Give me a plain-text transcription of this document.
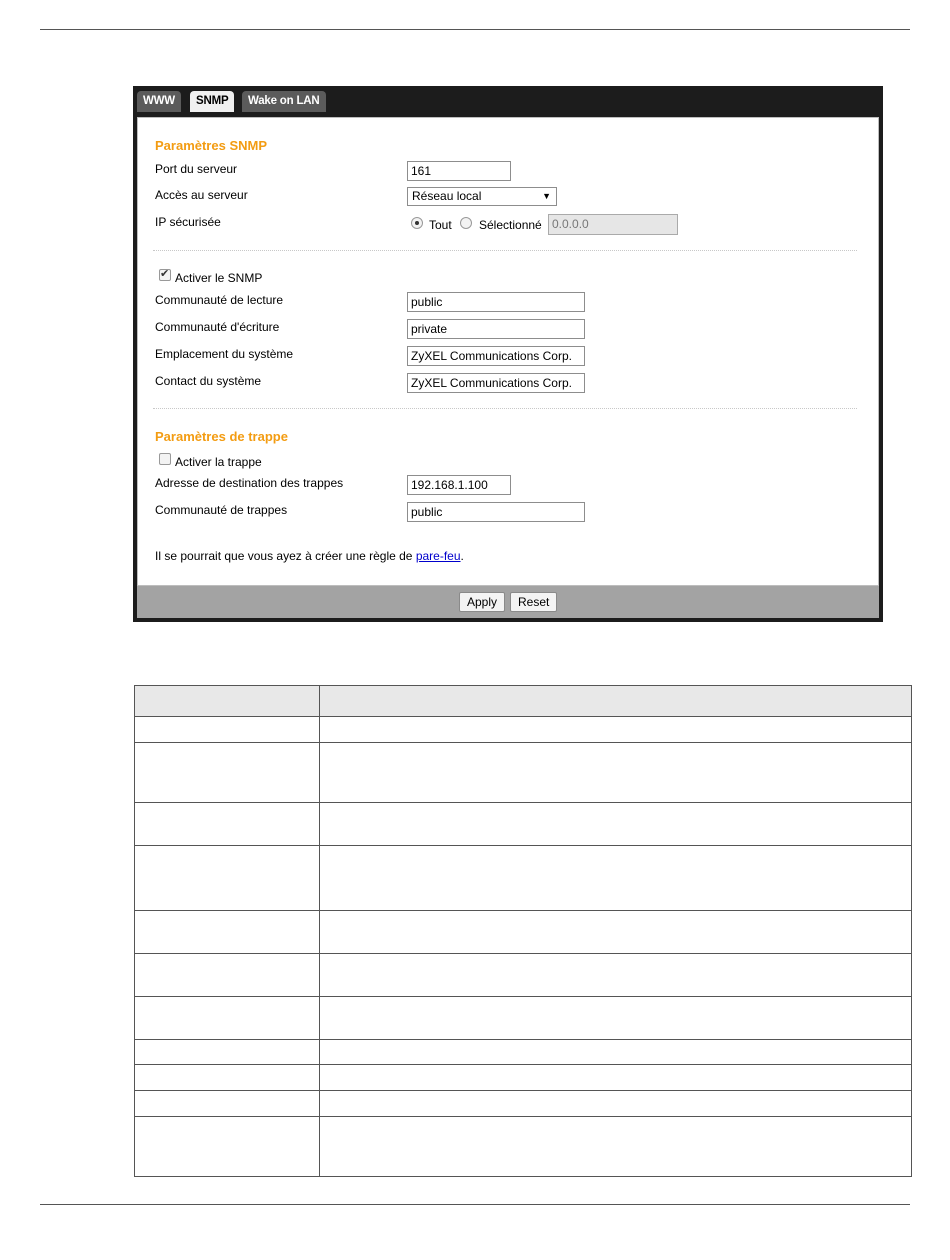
WWW	SNMP	Wake on LAN
Paramètres SNMP
Port du serveur	161
Accès au serveur	Réseau local	▼
IP sécurisée	Tout Sélectionné 0.0.0.0
✔
Activer le SNMP
Communauté de lecture	public
Communauté d'écriture	private
Emplacement du système	ZyXEL Communications Corp.
Contact du système	ZyXEL Communications Corp.
Paramètres de trappe
Activer la trappe
Adresse de destination des trappes	192.168.1.100
Communauté de trappes	public
Il se pourrait que vous ayez à créer une règle de pare-feu.
Apply	Reset
